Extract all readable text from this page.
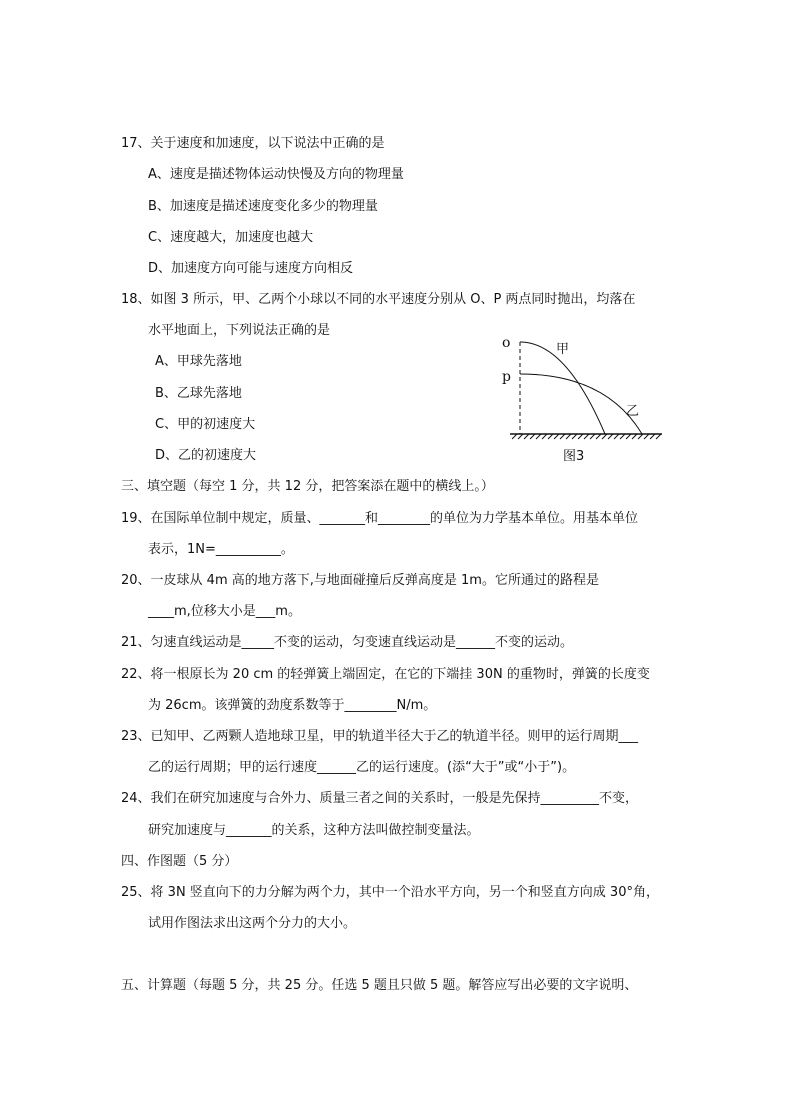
17、关于速度和加速度，以下说法中正确的是
A、速度是描述物体运动快慢及方向的物理量
B、加速度是描述速度变化多少的物理量
C、速度越大，加速度也越大
D、加速度方向可能与速度方向相反
18、如图 3 所示，甲、乙两个小球以不同的水平速度分别从 O、P 两点同时抛出，均落在
水平地面上，下列说法正确的是
A、甲球先落地
B、乙球先落地
C、甲的初速度大
D、乙的初速度大
o
p
甲
乙
图3
三、填空题（每空 1 分，共 12 分，把答案添在题中的横线上。）
19、在国际单位制中规定，质量、_______和________的单位为力学基本单位。用基本单位
表示，1N=__________。
20、一皮球从 4m 高的地方落下,与地面碰撞后反弹高度是 1m。它所通过的路程是
____m,位移大小是___m。
21、匀速直线运动是_____不变的运动，匀变速直线运动是______不变的运动。
22、将一根原长为 20 cm 的轻弹簧上端固定，在它的下端挂 30N 的重物时，弹簧的长度变
为 26cm。该弹簧的劲度系数等于________N/m。
23、已知甲、乙两颗人造地球卫星，甲的轨道半径大于乙的轨道半径。则甲的运行周期___
乙的运行周期；甲的运行速度______乙的运行速度。(添“大于”或“小于”)。
24、我们在研究加速度与合外力、质量三者之间的关系时，一般是先保持_________不变，
研究加速度与_______的关系，这种方法叫做控制变量法。
四、作图题（5 分）
25、将 3N 竖直向下的力分解为两个力，其中一个沿水平方向，另一个和竖直方向成 30°角，
试用作图法求出这两个分力的大小。
五、计算题（每题 5 分，共 25 分。任选 5 题且只做 5 题。解答应写出必要的文字说明、
